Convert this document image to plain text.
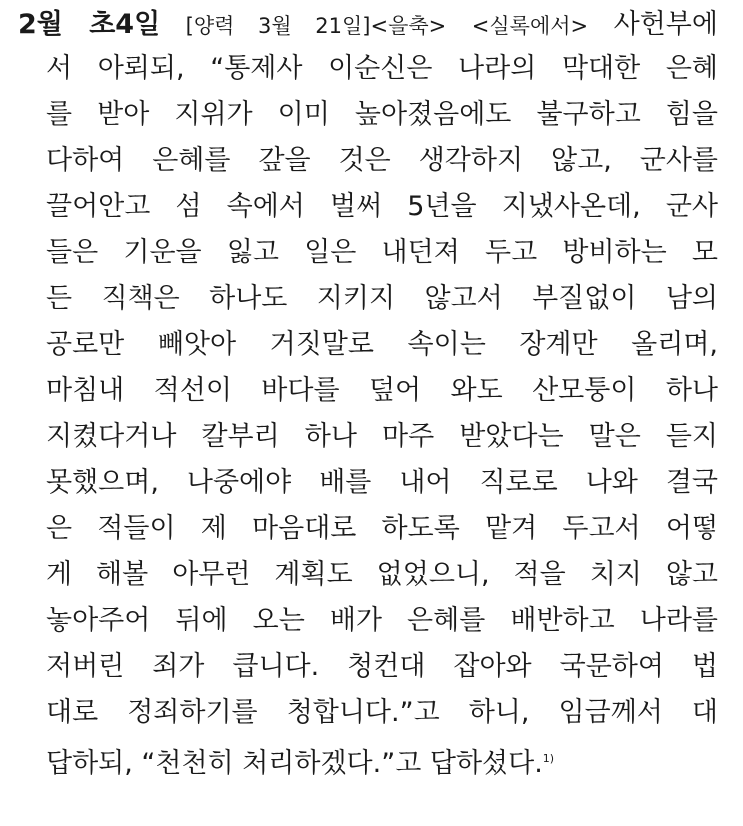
2월 초4일 [양력 3월 21일]<을축> <실록에서> 사헌부에
서 아뢰되, “통제사 이순신은 나라의 막대한 은혜
를 받아 지위가 이미 높아졌음에도 불구하고 힘을
다하여 은혜를 갚을 것은 생각하지 않고, 군사를
끌어안고 섬 속에서 벌써 5년을 지냈사온데, 군사
들은 기운을 잃고 일은 내던져 두고 방비하는 모
든 직책은 하나도 지키지 않고서 부질없이 남의
공로만 빼앗아 거짓말로 속이는 장계만 올리며,
마침내 적선이 바다를 덮어 와도 산모퉁이 하나
지켰다거나 칼부리 하나 마주 받았다는 말은 듣지
못했으며, 나중에야 배를 내어 직로로 나와 결국
은 적들이 제 마음대로 하도록 맡겨 두고서 어떻
게 해볼 아무런 계획도 없었으니, 적을 치지 않고
놓아주어 뒤에 오는 배가 은혜를 배반하고 나라를
저버린 죄가 큽니다. 청컨대 잡아와 국문하여 법
대로 정죄하기를 청합니다.”고 하니, 임금께서 대
답하되, “천천히 처리하겠다.”고 답하셨다.$^{1)}$
